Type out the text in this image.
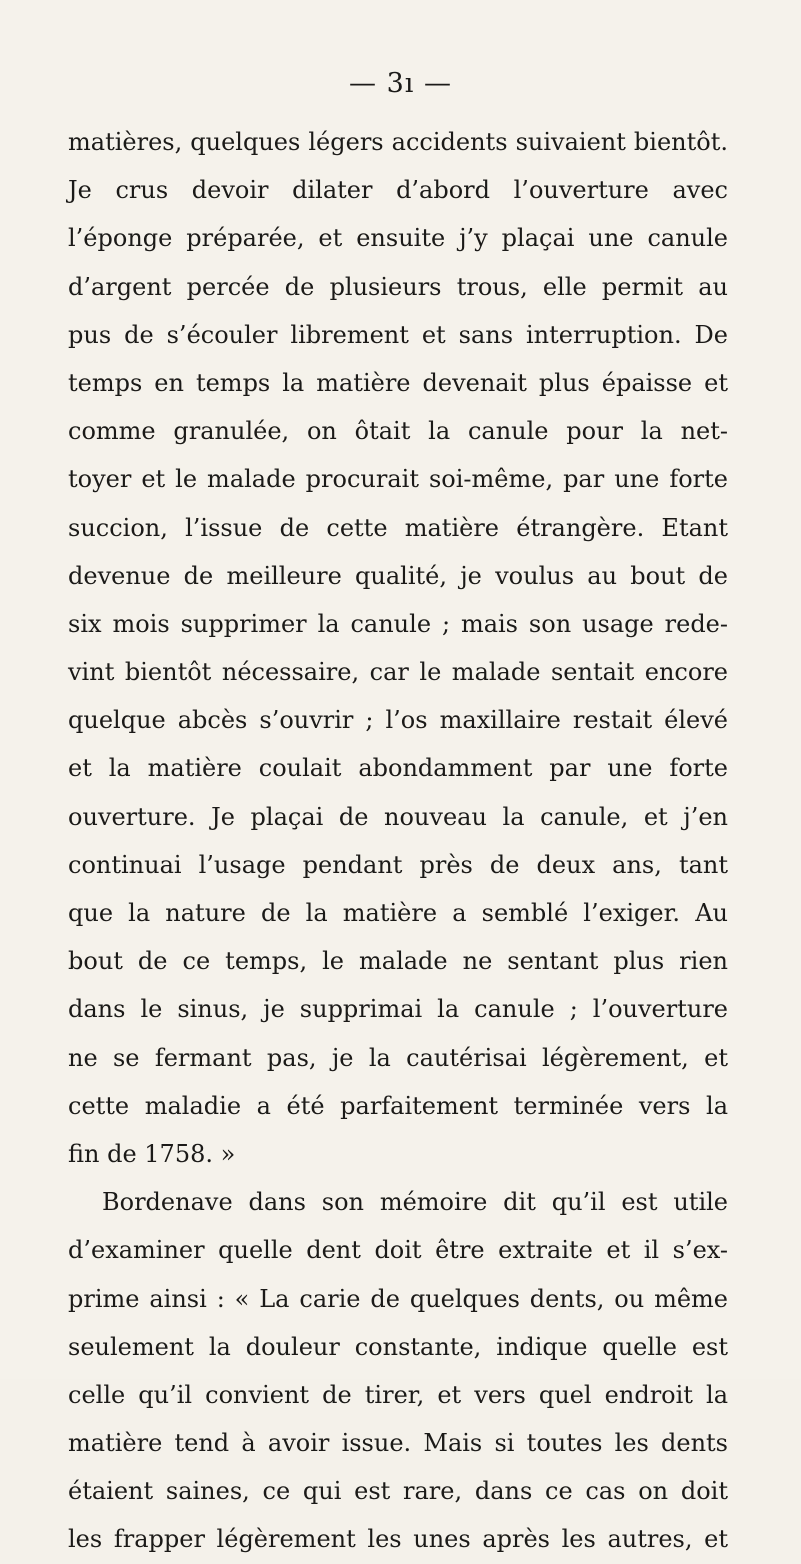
— 3ı —
matières, quelques légers accidents suivaient bientôt.
Je crus devoir dilater d’abord l’ouverture avec
l’éponge préparée, et ensuite j’y plaçai une canule
d’argent percée de plusieurs trous, elle permit au
pus de s’écouler librement et sans interruption. De
temps en temps la matière devenait plus épaisse et
comme granulée, on ôtait la canule pour la net-
toyer et le malade procurait soi-même, par une forte
succion, l’issue de cette matière étrangère. Etant
devenue de meilleure qualité, je voulus au bout de
six mois supprimer la canule ; mais son usage rede-
vint bientôt nécessaire, car le malade sentait encore
quelque abcès s’ouvrir ; l’os maxillaire restait élevé
et la matière coulait abondamment par une forte
ouverture. Je plaçai de nouveau la canule, et j’en
continuai l’usage pendant près de deux ans, tant
que la nature de la matière a semblé l’exiger. Au
bout de ce temps, le malade ne sentant plus rien
dans le sinus, je supprimai la canule ; l’ouverture
ne se fermant pas, je la cautérisai légèrement, et
cette maladie a été parfaitement terminée vers la
fin de 1758. »
Bordenave dans son mémoire dit qu’il est utile
d’examiner quelle dent doit être extraite et il s’ex-
prime ainsi : « La carie de quelques dents, ou même
seulement la douleur constante, indique quelle est
celle qu’il convient de tirer, et vers quel endroit la
matière tend à avoir issue. Mais si toutes les dents
étaient saines, ce qui est rare, dans ce cas on doit
les frapper légèrement les unes après les autres, et
